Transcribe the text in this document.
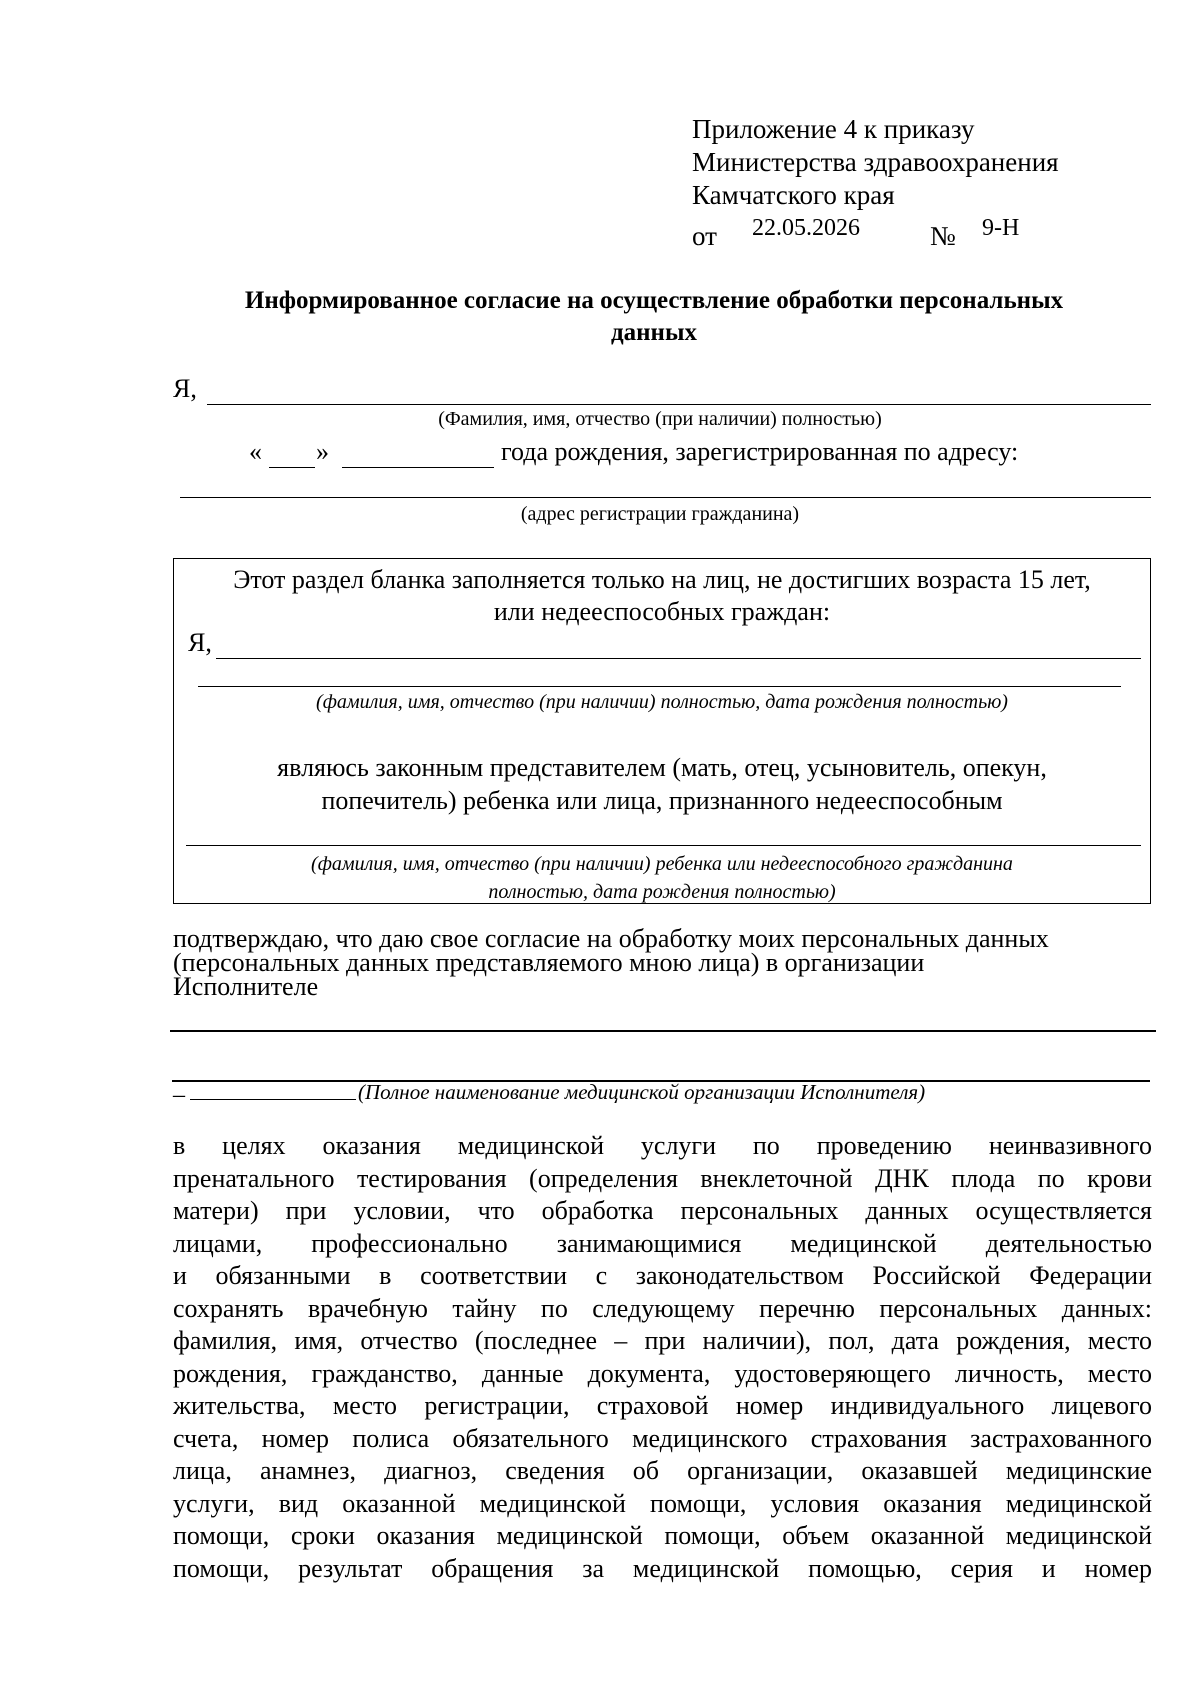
Приложение 4 к приказу
Министерства здравоохранения
Камчатского края
от 22.05.2026	№ 9-Н
Информированное согласие на осуществление обработки персональных
данных
Я,
(Фамилия, имя, отчество (при наличии) полностью)
« »	года рождения, зарегистрированная по адресу:
(адрес регистрации гражданина)
Этот раздел бланка заполняется только на лиц, не достигших возраста 15 лет,
или недееспособных граждан:
Я,
(фамилия, имя, отчество (при наличии) полностью, дата рождения полностью)
являюсь законным представителем (мать, отец, усыновитель, опекун,
попечитель) ребенка или лица, признанного недееспособным
(фамилия, имя, отчество (при наличии) ребенка или недееспособного гражданина
полностью, дата рождения полностью)
подтверждаю, что даю свое согласие на обработку моих персональных данных
(персональных данных представляемого мною лица) в организации
Исполнителе
_	(Полное наименование медицинской организации Исполнителя)

в целях оказания медицинской услуги по проведению неинвазивного

пренатального тестирования (определения внеклеточной ДНК плода по крови

матери) при условии, что обработка персональных данных осуществляется

лицами, профессионально занимающимися медицинской деятельностью

и обязанными в соответствии с законодательством Российской Федерации

сохранять врачебную тайну по следующему перечню персональных данных:

фамилия, имя, отчество (последнее – при наличии), пол, дата рождения, место

рождения, гражданство, данные документа, удостоверяющего личность, место

жительства, место регистрации, страховой номер индивидуального лицевого

счета, номер полиса обязательного медицинского страхования застрахованного

лица, анамнез, диагноз, сведения об организации, оказавшей медицинские

услуги, вид оказанной медицинской помощи, условия оказания медицинской

помощи, сроки оказания медицинской помощи, объем оказанной медицинской

помощи, результат обращения за медицинской помощью, серия и номер
